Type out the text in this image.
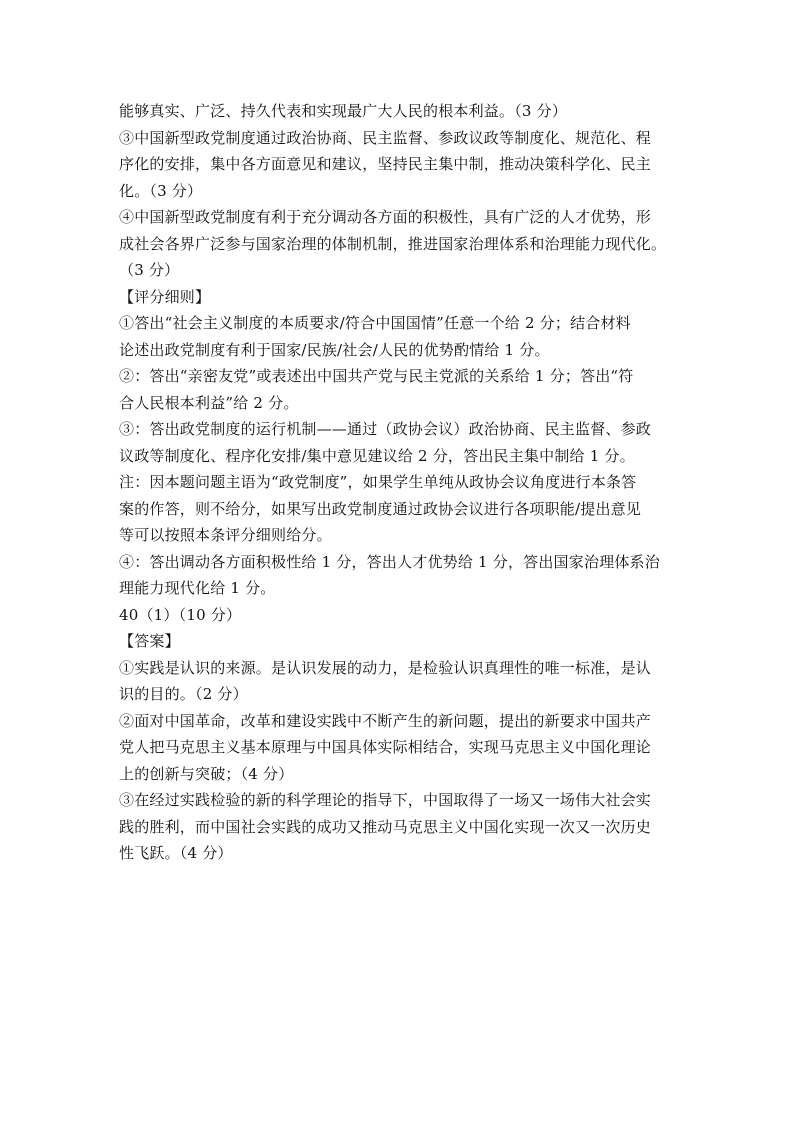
能够真实、广泛、持久代表和实现最广大人民的根本利益。（3 分）
③中国新型政党制度通过政治协商、民主监督、参政议政等制度化、规范化、程
序化的安排，集中各方面意见和建议，坚持民主集中制，推动决策科学化、民主
化。（3 分）
④中国新型政党制度有利于充分调动各方面的积极性，具有广泛的人才优势，形
成社会各界广泛参与国家治理的体制机制，推进国家治理体系和治理能力现代化。
（3 分）
【评分细则】
①答出“社会主义制度的本质要求/符合中国国情”任意一个给 2 分；结合材料
论述出政党制度有利于国家/民族/社会/人民的优势酌情给 1 分。
②：答出“亲密友党”或表述出中国共产党与民主党派的关系给 1 分；答出“符
合人民根本利益”给 2 分。
③：答出政党制度的运行机制——通过（政协会议）政治协商、民主监督、参政
议政等制度化、程序化安排/集中意见建议给 2 分，答出民主集中制给 1 分。
注：因本题问题主语为“政党制度”，如果学生单纯从政协会议角度进行本条答
案的作答，则不给分，如果写出政党制度通过政协会议进行各项职能/提出意见
等可以按照本条评分细则给分。
④：答出调动各方面积极性给 1 分，答出人才优势给 1 分，答出国家治理体系治
理能力现代化给 1 分。
40（1）（10 分）
【答案】
①实践是认识的来源。是认识发展的动力，是检验认识真理性的唯一标准，是认
识的目的。（2 分）
②面对中国革命，改革和建设实践中不断产生的新问题，提出的新要求中国共产
党人把马克思主义基本原理与中国具体实际相结合，实现马克思主义中国化理论
上的创新与突破；（4 分）
③在经过实践检验的新的科学理论的指导下，中国取得了一场又一场伟大社会实
践的胜利，而中国社会实践的成功又推动马克思主义中国化实现一次又一次历史
性飞跃。（4 分）
